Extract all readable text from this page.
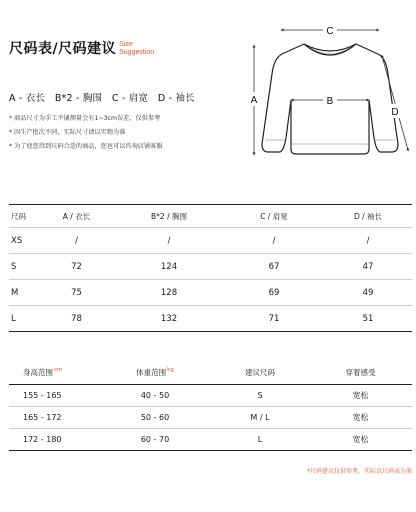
尺码表/尺码建议 Size
Suggestion
A - 衣长 B*2 - 胸围 C - 肩宽 D - 袖长
* 商品尺寸为手工平铺测量会有1~3cm误差，仅供参考
* 因生产批次不同，实际尺寸请以实物为准
* 为了使您得到尺码合适的商品，您也可以咨询店铺客服
C
B
A
D
尺码	A / 衣长	B*2 / 胸围	C / 肩宽	D / 袖长
XS	/	/	/	/
S	72	124	67	47
M	75	128	69	49
L	78	132	71	51
身高范围$^{cm}$	体重范围$^{kg}$	建议尺码	穿着感受
155 - 165	40 - 50	S	宽松
165 - 172	50 - 60	M / L	宽松
172 - 180	60 - 70	L	宽松
*尺码建议仅供参考，实际以尺码表为准
